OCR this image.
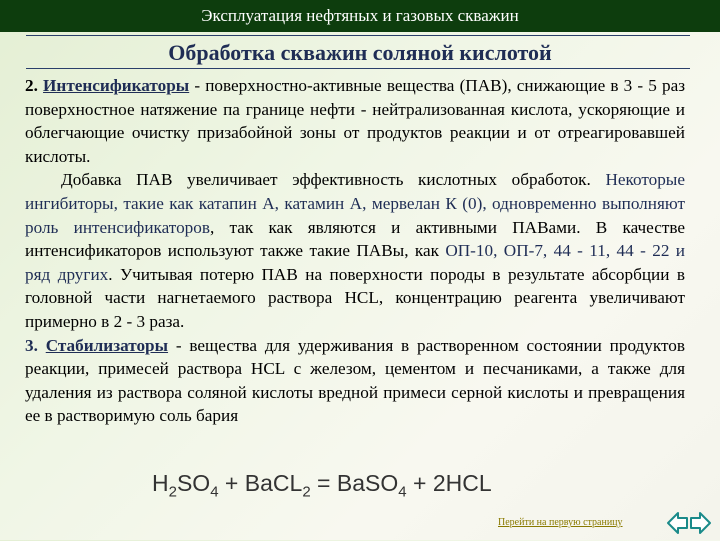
Эксплуатация нефтяных и газовых скважин
Обработка скважин соляной кислотой

2. Интенсификаторы - поверхностно-активные вещества (ПАВ), снижающие в 3 - 5 раз поверхностное натяжение па границе нефти - нейтрализованная кислота, ускоряющие и облегчающие очистку призабойной зоны от продуктов реакции и от отреагировавшей кислоты.

Добавка ПАВ увеличивает эффективность кислотных обработок. Некоторые ингибиторы, такие как катапин А, катамин А, мервелан К (0), одновременно выполняют роль интенсификаторов, так как являются и активными ПАВами. В качестве интенсификаторов используют также такие ПАВы, как ОП-10, ОП-7, 44 - 11, 44 - 22 и ряд других. Учитывая потерю ПАВ на поверхности породы в результате абсорбции в головной части нагнетаемого раствора HCL, концентрацию реагента увеличивают примерно в 2 - 3 раза.

3. Стабилизаторы - вещества для удерживания в растворенном состоянии продуктов реакции, примесей раствора HCL с железом, цементом и песчаниками, а также для удаления из раствора соляной кислоты вредной примеси серной кислоты и превращения ее в растворимую соль бария

$H_2SO_4$ + BaCL$_2$ = BaSO$_4$ + 2HCL
Перейти на первую страницу
